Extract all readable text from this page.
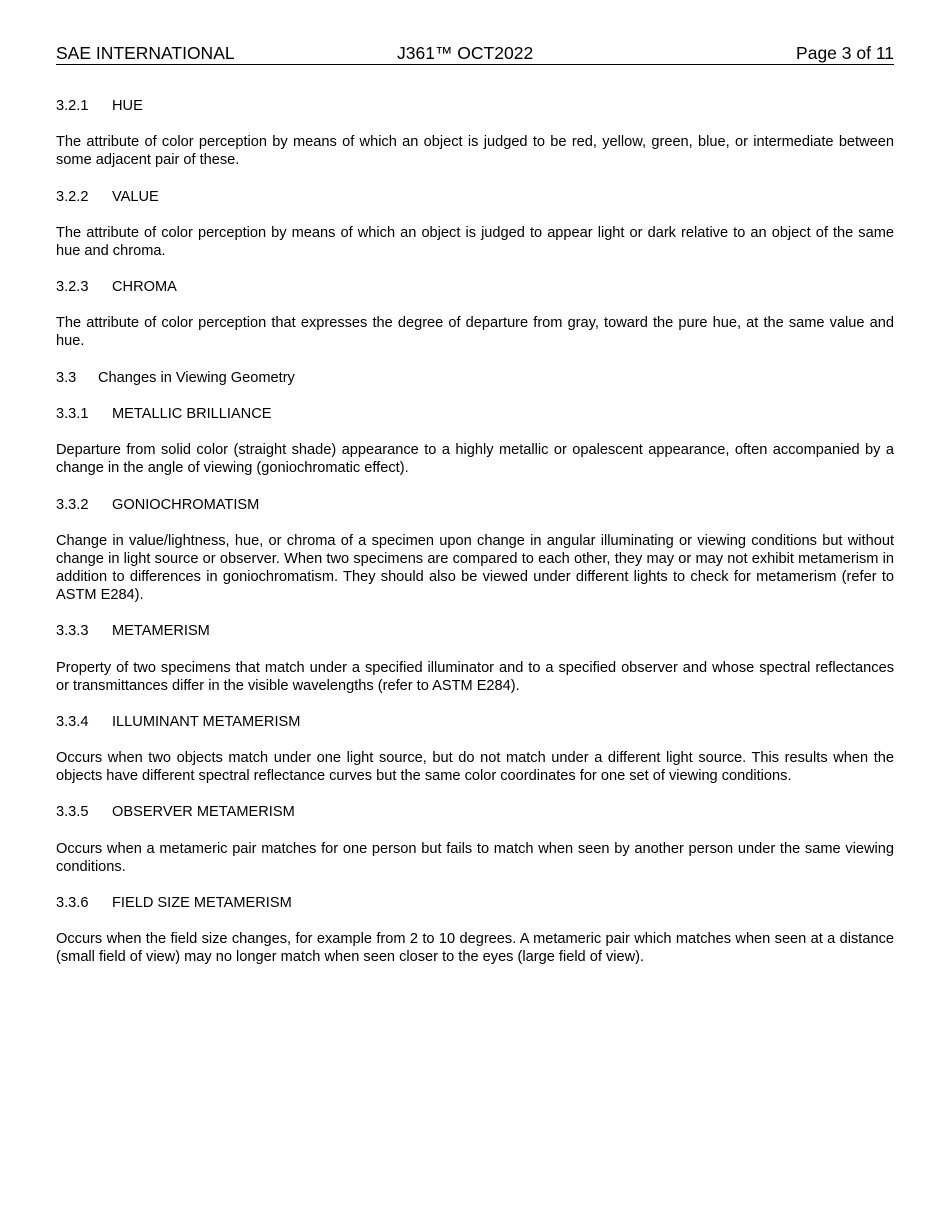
SAE INTERNATIONAL	J361™ OCT2022	Page 3 of 11
3.2.1 HUE

The attribute of color perception by means of which an object is judged to be red, yellow, green, blue, or intermediate between some adjacent pair of these.

3.2.2 VALUE

The attribute of color perception by means of which an object is judged to appear light or dark relative to an object of the same hue and chroma.

3.2.3 CHROMA

The attribute of color perception that expresses the degree of departure from gray, toward the pure hue, at the same value and hue.

3.3 Changes in Viewing Geometry
3.3.1 METALLIC BRILLIANCE

Departure from solid color (straight shade) appearance to a highly metallic or opalescent appearance, often accompanied by a change in the angle of viewing (goniochromatic effect).

3.3.2 GONIOCHROMATISM

Change in value/lightness, hue, or chroma of a specimen upon change in angular illuminating or viewing conditions but without change in light source or observer. When two specimens are compared to each other, they may or may not exhibit metamerism in addition to differences in goniochromatism. They should also be viewed under different lights to check for metamerism (refer to ASTM E284).

3.3.3 METAMERISM

Property of two specimens that match under a specified illuminator and to a specified observer and whose spectral reflectances or transmittances differ in the visible wavelengths (refer to ASTM E284).

3.3.4 ILLUMINANT METAMERISM

Occurs when two objects match under one light source, but do not match under a different light source. This results when the objects have different spectral reflectance curves but the same color coordinates for one set of viewing conditions.

3.3.5 OBSERVER METAMERISM

Occurs when a metameric pair matches for one person but fails to match when seen by another person under the same viewing conditions.

3.3.6 FIELD SIZE METAMERISM

Occurs when the field size changes, for example from 2 to 10 degrees. A metameric pair which matches when seen at a distance (small field of view) may no longer match when seen closer to the eyes (large field of view).
